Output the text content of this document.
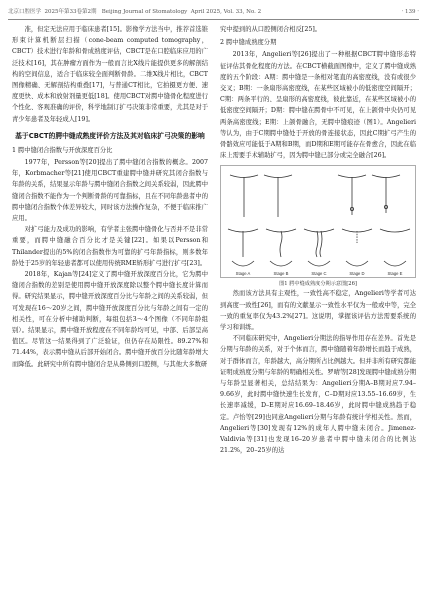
北京口腔医学 2025年第33卷第2期 Beijing Journal of Stomatology April 2025, Vol. 33, No. 2	· 139 ·

准，但定无法应用于临床患者[15]。影像学方法当中，推荐首选锥形束计算机断层扫描（cone-beam computed tomography，CBCT）技术进行年龄和骨成熟度评估，CBCT是在口腔临床应用的广泛技术[16]，其在肿瘤方面作为一般而言比X线片能提供更多的解剖结构的空间信息，适合于临床较全面判断骨龄。二维X线片相比，CBCT图像精确、无解剖结构重叠[17]，与普通CT相比，它拍摄更方便、速度更快、成本和放射剂量更低[18]。使用CBCT对腭中缝骨化程度进行个性化、客观准确的评价，科学地制订扩弓决策非常重要，尤其是对于青少年患者及年轻成人[19]。

基于CBCT的腭中缝成熟度评价方法及其对临床扩弓决策的影响

1 腭中缝闭合指数与开放深度百分比

1977年，Persson等[20]提出了腭中缝闭合指数的概念。2007年，Korbmacher等[21]使用CBCT重建腭中缝并研究其闭合指数与年龄的关系，结果显示年龄与腭中缝闭合指数之间关系较弱，因此腭中缝闭合指数不能作为一个判断骨龄的可靠指标，且在不同年龄患者中的腭中缝闭合指数个体差异较大，同时该方法操作复杂，不便于临床推广应用。

对扩弓能力及成功的影响，有学者主张腭中缝骨化与否并不是非常重要，而腭中缝融合百分比才是关键[22]。如果以Persson和Thilander提出的5%的闭合指数作为可靠的扩弓年龄指标，则多数年龄处于25岁的年轻患者都可以使用传统RME矫形扩弓进行扩弓[23]。

2018年，Kajan等[24]定义了腭中缝开放深度百分比，它为腭中缝闭合指数的差别是使用腭中缝开放深度除以整个腭中缝长度计算而得。研究结果显示，腭中缝开放深度百分比与年龄之间的关系较弱，但可发现在16～20岁之间，腭中缝开放深度百分比与年龄之间有一定的相关性，可在分析中辅助判断，每组包括3～4个图像（不同年龄组别）。结果显示，腭中缝开放程度在不同年龄均可见，中部、后部呈高值区。尽管这一结果得到了广泛验证，但仍存在局限性。89.27%和71.44%，表示腭中缝从后部开始闭合。腭中缝开放百分比随年龄增大而降低。此研究中所有腭中缝闭合是从鼻侧到口腔侧，与其他大多数研

究中提到的从口腔侧闭合相反[25]。

2 腭中缝成熟度分期

2013年，Angelieri等[26]提出了一种根据CBCT腭中缝形态特征评估其骨化程度的方法。在CBCT横截面图像中，定义了腭中缝成熟度的五个阶段：A期：腭中缝是一条相对笔直的高密度线，没有或很少交叉；B期：一条扇形高密度线，在某些区域被小的低密度空间隔开；C期：两条平行的、呈扇形的高密度线，彼此靠近，在某些区域被小的低密度空间隔开；D期：腭中缝在腭骨中不可见，在上颌骨中央仍可见两条高密度线；E期：上颌骨融合，无腭中缝痕迹（图1）。Angelieri等认为，由于C期腭中缝处于开放的骨连接状态，因此C期扩弓产生的骨骼效应可能低于A期和B期，而D期和E期可能存在骨愈合，因此在临床上需要手术辅助扩弓，因为腭中缝已部分或完全融合[26]。

Stage A	Stage B	Stage C	Stage D	Stage E

图1 腭中缝成熟度分期示意图[26]

然而该方法具有主观性，一致性高不稳定，Angelieri等学者可达到高度一致性[26]，而有的文献显示一致性水平仅为一般或中等，完全一致的重复率仅为43.2%[27]。这说明，掌握该评估方法需要系统的学习和训练。

不同临床研究中，Angelieri分期法的指导作用存在差异。首先是分期与年龄的关系，对于个体而言，腭中缝随着年龄增长而趋于成熟，对于群体而言，年龄越大，高分期所占比例越大。但并非所有研究都能证明成熟度分期与年龄的明确相关性。罗晴等[28]发现腭中缝成熟分期与年龄呈显著相关，总结结果为：Angelieri分期A–B期对应7.94–9.66岁，此时腭中缝快速生长发育，C–D期对应13.55–16.69岁，生长速率减缓，D–E期对应16.69–18.46岁，此时腭中缝成熟趋于稳定。卢怡等[29]也同意Angelieri分期与年龄有统计学相关性。然而，Angelieri等[30]发现有12%的成年人腭中缝未闭合。Jimenez-Valdivia等[31]也发现16–20岁患者中腭中缝未闭合的比例达21.2%，20–25岁的达
